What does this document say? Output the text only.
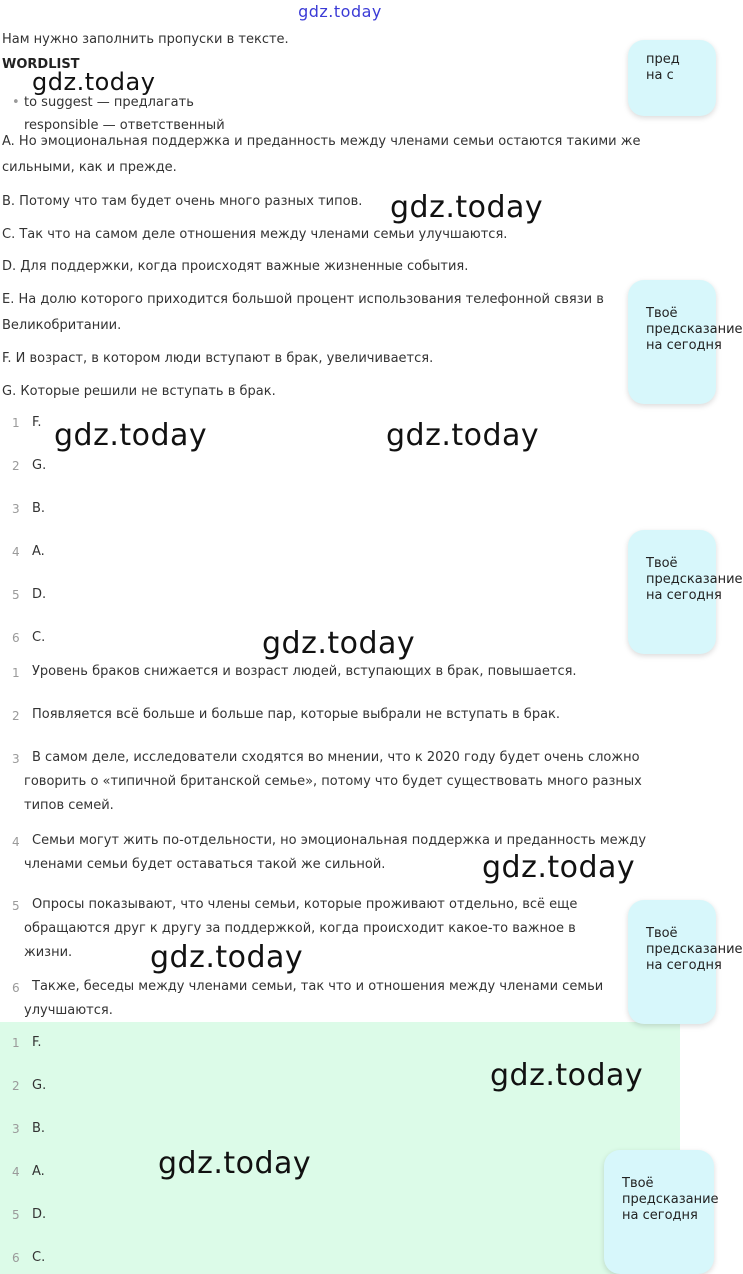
gdz.today
Нам нужно заполнить пропуски в тексте.
WORDLIST
gdz.today
• to suggest — предлагать
responsible — ответственный
A. Но эмоциональная поддержка и преданность между членами семьи остаются такими же сильными, как и прежде.
B. Потому что там будет очень много разных типов. gdz.today
C. Так что на самом деле отношения между членами семьи улучшаются.
D. Для поддержки, когда происходят важные жизненные события.
E. На долю которого приходится большой процент использования телефонной связи в Великобритании.
F. И возраст, в котором люди вступают в брак, увеличивается.
G. Которые решили не вступать в брак.
1 F. gdz.today	gdz.today
2 G.
3 B.
4 A.
5 D.
6 C.	gdz.today
1 Уровень браков снижается и возраст людей, вступающих в брак, повышается.
2 Появляется всё больше и больше пар, которые выбрали не вступать в брак.
3 В самом деле, исследователи сходятся во мнении, что к 2020 году будет очень сложно говорить о «типичной британской семье», потому что будет существовать много разных типов семей.
4 Семьи могут жить по-отдельности, но эмоциональная поддержка и преданность между членами семьи будет оставаться такой же сильной.	gdz.today
5 Опросы показывают, что члены семьи, которые проживают отдельно, всё еще обращаются друг к другу за поддержкой, когда происходит какое-то важное в жизни.	gdz.today
6 Также, беседы между членами семьи, так что и отношения между членами семьи улучшаются.
1 F.
2 G.	gdz.today
3 B.
4 A.	gdz.today
5 D.
6 C.
пред
на с
Твоё
предсказание
на сегодня
Твоё
предсказание
на сегодня
Твоё
предсказание
на сегодня
Твоё
предсказание
на сегодня
